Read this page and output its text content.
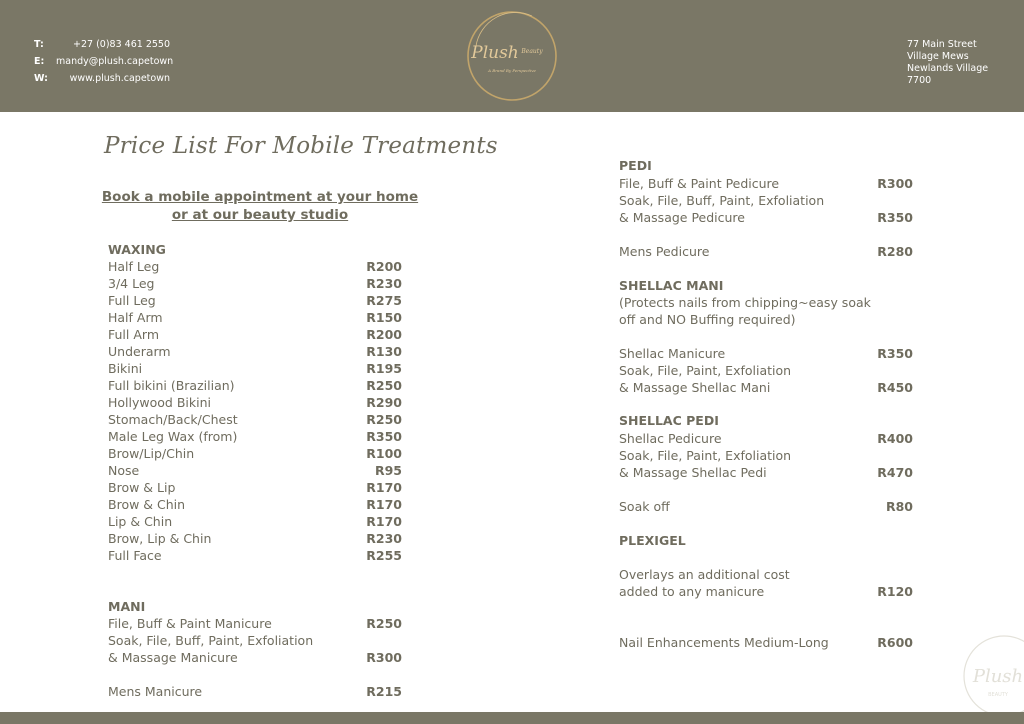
T:	+27 (0)83 461 2550
E:	mandy@plush.capetown
W:	www.plush.capetown
Plush Beauty
A Brand By Perspective
77 Main Street
Village Mews
Newlands Village
7700
Price List For Mobile Treatments
Book a mobile appointment at your home
or at our beauty studio
WAXING
Half Leg	R200
3/4 Leg	R230
Full Leg	R275
Half Arm	R150
Full Arm	R200
Underarm	R130
Bikini	R195
Full bikini (Brazilian)	R250
Hollywood Bikini	R290
Stomach/Back/Chest	R250
Male Leg Wax (from)	R350
Brow/Lip/Chin	R100
Nose	R95
Brow & Lip	R170
Brow & Chin	R170
Lip & Chin	R170
Brow, Lip & Chin	R230
Full Face	R255
MANI
File, Buff & Paint Manicure	R250
Soak, File, Buff, Paint, Exfoliation
& Massage Manicure	R300
Mens Manicure	R215
PEDI
File, Buff & Paint Pedicure	R300
Soak, File, Buff, Paint, Exfoliation
& Massage Pedicure	R350
Mens Pedicure	R280
SHELLAC MANI
(Protects nails from chipping~easy soak
off and NO Buffing required)
Shellac Manicure	R350
Soak, File, Paint, Exfoliation
& Massage Shellac Mani	R450
SHELLAC PEDI
Shellac Pedicure	R400
Soak, File, Paint, Exfoliation
& Massage Shellac Pedi	R470
Soak off	R80
PLEXIGEL
Overlays an additional cost
added to any manicure	R120
Nail Enhancements Medium-Long	R600
Plush
BEAUTY
